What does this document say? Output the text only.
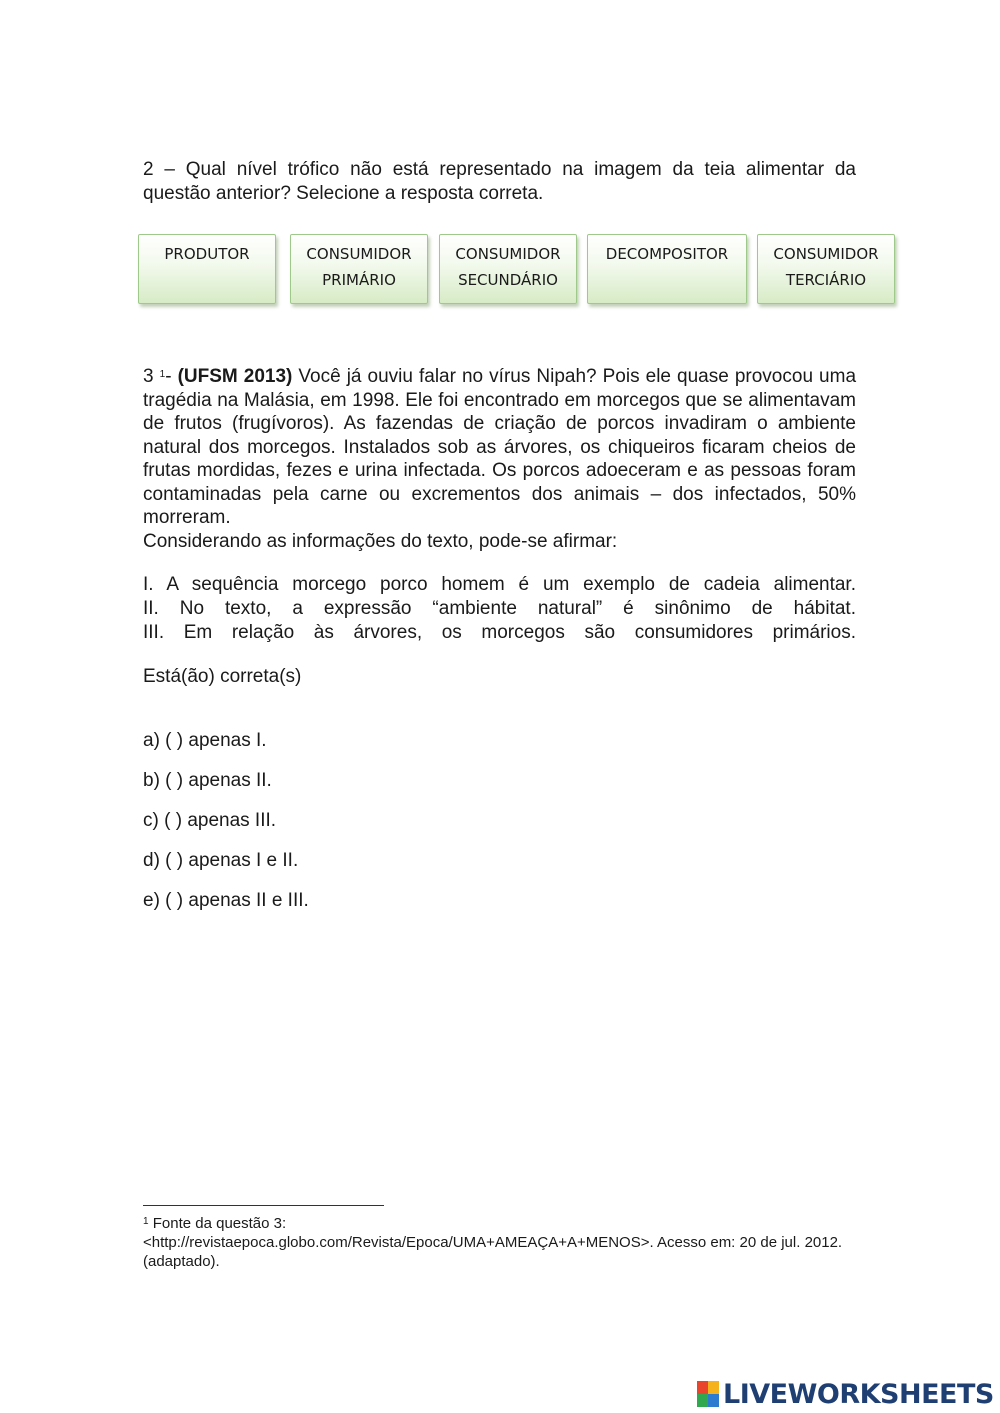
2 – Qual nível trófico não está representado na imagem da teia alimentar da questão anterior? Selecione a resposta correta.
PRODUTOR	CONSUMIDOR
PRIMÁRIO
CONSUMIDOR
SECUNDÁRIO
DECOMPOSITOR	CONSUMIDOR
TERCIÁRIO
3 $^1$- (UFSM 2013) Você já ouviu falar no vírus Nipah? Pois ele quase provocou uma tragédia na Malásia, em 1998. Ele foi encontrado em morcegos que se alimentavam de frutos (frugívoros). As fazendas de criação de porcos invadiram o ambiente natural dos morcegos. Instalados sob as árvores, os chiqueiros ficaram cheios de frutas mordidas, fezes e urina infectada. Os porcos adoeceram e as pessoas foram contaminadas pela carne ou excrementos dos animais – dos infectados, 50% morreram.
Considerando as informações do texto, pode-se afirmar:
I. A sequência morcego porco homem é um exemplo de cadeia alimentar.
II. No texto, a expressão “ambiente natural” é sinônimo de hábitat.
III. Em relação às árvores, os morcegos são consumidores primários.
Está(ão) correta(s)
a) ( ) apenas I.
b) ( ) apenas II.
c) ( ) apenas III.
d) ( ) apenas I e II.
e) ( ) apenas II e III.
$^1$ Fonte da questão 3:
<http://revistaepoca.globo.com/Revista/Epoca/UMA+AMEAÇA+A+MENOS>. Acesso em: 20 de jul. 2012. (adaptado).
LIVEWORKSHEETS
